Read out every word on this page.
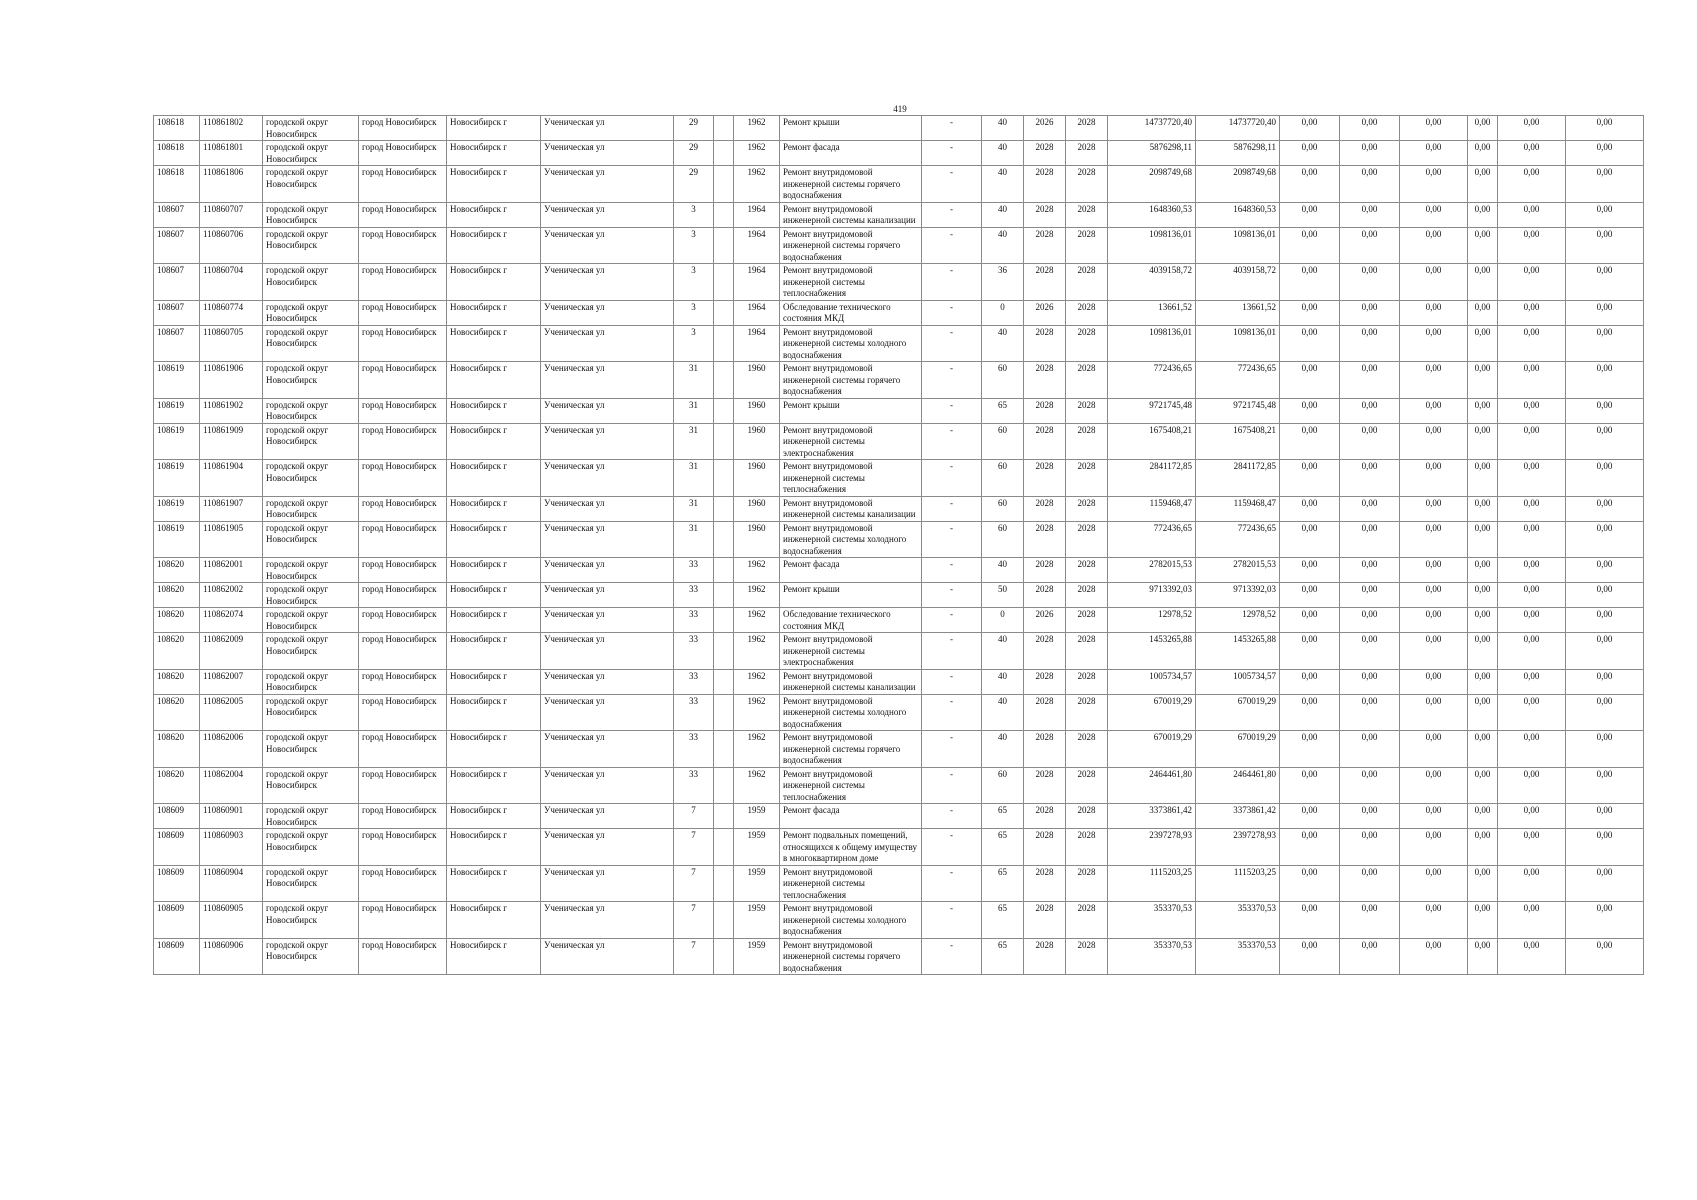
419
108618	110861802	городской округ Новосибирск	город Новосибирск	Новосибирск г	Ученическая ул	29		1962	Ремонт крыши	-	40	2026	2028	14737720,40	14737720,40	0,00	0,00	0,00	0,00	0,00	0,00
108618	110861801	городской округ Новосибирск	город Новосибирск	Новосибирск г	Ученическая ул	29		1962	Ремонт фасада	-	40	2028	2028	5876298,11	5876298,11	0,00	0,00	0,00	0,00	0,00	0,00
108618	110861806	городской округ Новосибирск	город Новосибирск	Новосибирск г	Ученическая ул	29		1962	Ремонт внутридомовой инженерной системы горячего водоснабжения	-	40	2028	2028	2098749,68	2098749,68	0,00	0,00	0,00	0,00	0,00	0,00
108607	110860707	городской округ Новосибирск	город Новосибирск	Новосибирск г	Ученическая ул	3		1964	Ремонт внутридомовой инженерной системы канализации	-	40	2028	2028	1648360,53	1648360,53	0,00	0,00	0,00	0,00	0,00	0,00
108607	110860706	городской округ Новосибирск	город Новосибирск	Новосибирск г	Ученическая ул	3		1964	Ремонт внутридомовой инженерной системы горячего водоснабжения	-	40	2028	2028	1098136,01	1098136,01	0,00	0,00	0,00	0,00	0,00	0,00
108607	110860704	городской округ Новосибирск	город Новосибирск	Новосибирск г	Ученическая ул	3		1964	Ремонт внутридомовой инженерной системы теплоснабжения	-	36	2028	2028	4039158,72	4039158,72	0,00	0,00	0,00	0,00	0,00	0,00
108607	110860774	городской округ Новосибирск	город Новосибирск	Новосибирск г	Ученическая ул	3		1964	Обследование технического состояния МКД	-	0	2026	2028	13661,52	13661,52	0,00	0,00	0,00	0,00	0,00	0,00
108607	110860705	городской округ Новосибирск	город Новосибирск	Новосибирск г	Ученическая ул	3		1964	Ремонт внутридомовой инженерной системы холодного водоснабжения	-	40	2028	2028	1098136,01	1098136,01	0,00	0,00	0,00	0,00	0,00	0,00
108619	110861906	городской округ Новосибирск	город Новосибирск	Новосибирск г	Ученическая ул	31		1960	Ремонт внутридомовой инженерной системы горячего водоснабжения	-	60	2028	2028	772436,65	772436,65	0,00	0,00	0,00	0,00	0,00	0,00
108619	110861902	городской округ Новосибирск	город Новосибирск	Новосибирск г	Ученическая ул	31		1960	Ремонт крыши	-	65	2028	2028	9721745,48	9721745,48	0,00	0,00	0,00	0,00	0,00	0,00
108619	110861909	городской округ Новосибирск	город Новосибирск	Новосибирск г	Ученическая ул	31		1960	Ремонт внутридомовой инженерной системы электроснабжения	-	60	2028	2028	1675408,21	1675408,21	0,00	0,00	0,00	0,00	0,00	0,00
108619	110861904	городской округ Новосибирск	город Новосибирск	Новосибирск г	Ученическая ул	31		1960	Ремонт внутридомовой инженерной системы теплоснабжения	-	60	2028	2028	2841172,85	2841172,85	0,00	0,00	0,00	0,00	0,00	0,00
108619	110861907	городской округ Новосибирск	город Новосибирск	Новосибирск г	Ученическая ул	31		1960	Ремонт внутридомовой инженерной системы канализации	-	60	2028	2028	1159468,47	1159468,47	0,00	0,00	0,00	0,00	0,00	0,00
108619	110861905	городской округ Новосибирск	город Новосибирск	Новосибирск г	Ученическая ул	31		1960	Ремонт внутридомовой инженерной системы холодного водоснабжения	-	60	2028	2028	772436,65	772436,65	0,00	0,00	0,00	0,00	0,00	0,00
108620	110862001	городской округ Новосибирск	город Новосибирск	Новосибирск г	Ученическая ул	33		1962	Ремонт фасада	-	40	2028	2028	2782015,53	2782015,53	0,00	0,00	0,00	0,00	0,00	0,00
108620	110862002	городской округ Новосибирск	город Новосибирск	Новосибирск г	Ученическая ул	33		1962	Ремонт крыши	-	50	2028	2028	9713392,03	9713392,03	0,00	0,00	0,00	0,00	0,00	0,00
108620	110862074	городской округ Новосибирск	город Новосибирск	Новосибирск г	Ученическая ул	33		1962	Обследование технического состояния МКД	-	0	2026	2028	12978,52	12978,52	0,00	0,00	0,00	0,00	0,00	0,00
108620	110862009	городской округ Новосибирск	город Новосибирск	Новосибирск г	Ученическая ул	33		1962	Ремонт внутридомовой инженерной системы электроснабжения	-	40	2028	2028	1453265,88	1453265,88	0,00	0,00	0,00	0,00	0,00	0,00
108620	110862007	городской округ Новосибирск	город Новосибирск	Новосибирск г	Ученическая ул	33		1962	Ремонт внутридомовой инженерной системы канализации	-	40	2028	2028	1005734,57	1005734,57	0,00	0,00	0,00	0,00	0,00	0,00
108620	110862005	городской округ Новосибирск	город Новосибирск	Новосибирск г	Ученическая ул	33		1962	Ремонт внутридомовой инженерной системы холодного водоснабжения	-	40	2028	2028	670019,29	670019,29	0,00	0,00	0,00	0,00	0,00	0,00
108620	110862006	городской округ Новосибирск	город Новосибирск	Новосибирск г	Ученическая ул	33		1962	Ремонт внутридомовой инженерной системы горячего водоснабжения	-	40	2028	2028	670019,29	670019,29	0,00	0,00	0,00	0,00	0,00	0,00
108620	110862004	городской округ Новосибирск	город Новосибирск	Новосибирск г	Ученическая ул	33		1962	Ремонт внутридомовой инженерной системы теплоснабжения	-	60	2028	2028	2464461,80	2464461,80	0,00	0,00	0,00	0,00	0,00	0,00
108609	110860901	городской округ Новосибирск	город Новосибирск	Новосибирск г	Ученическая ул	7		1959	Ремонт фасада	-	65	2028	2028	3373861,42	3373861,42	0,00	0,00	0,00	0,00	0,00	0,00
108609	110860903	городской округ Новосибирск	город Новосибирск	Новосибирск г	Ученическая ул	7		1959	Ремонт подвальных помещений, относящихся к общему имуществу в многоквартирном доме	-	65	2028	2028	2397278,93	2397278,93	0,00	0,00	0,00	0,00	0,00	0,00
108609	110860904	городской округ Новосибирск	город Новосибирск	Новосибирск г	Ученическая ул	7		1959	Ремонт внутридомовой инженерной системы теплоснабжения	-	65	2028	2028	1115203,25	1115203,25	0,00	0,00	0,00	0,00	0,00	0,00
108609	110860905	городской округ Новосибирск	город Новосибирск	Новосибирск г	Ученическая ул	7		1959	Ремонт внутридомовой инженерной системы холодного водоснабжения	-	65	2028	2028	353370,53	353370,53	0,00	0,00	0,00	0,00	0,00	0,00
108609	110860906	городской округ Новосибирск	город Новосибирск	Новосибирск г	Ученическая ул	7		1959	Ремонт внутридомовой инженерной системы горячего водоснабжения	-	65	2028	2028	353370,53	353370,53	0,00	0,00	0,00	0,00	0,00	0,00
